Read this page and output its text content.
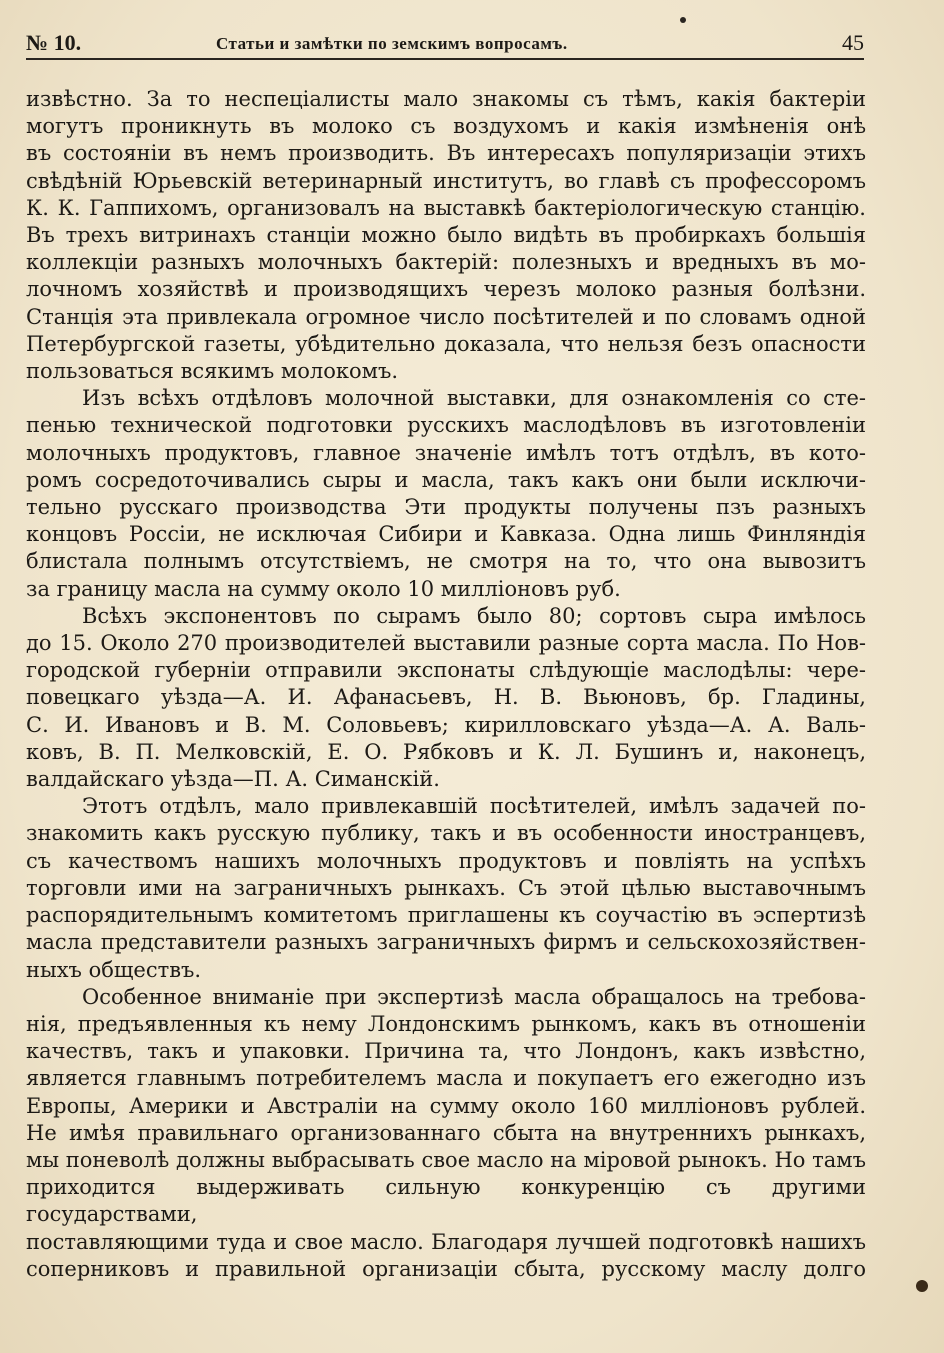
№ 10.	Статьи и замѣтки по земскимъ вопросамъ.	45

извѣстно. За то неспеціалисты мало знакомы съ тѣмъ, какія бактеріи

могутъ проникнуть въ молоко съ воздухомъ и какія измѣненія онѣ

въ состояніи въ немъ производить. Въ интересахъ популяризаціи этихъ

свѣдѣній Юрьевскій ветеринарный институтъ, во главѣ съ профессоромъ

К. К. Гаппихомъ, организовалъ на выставкѣ бактеріологическую станцію.

Въ трехъ витринахъ станціи можно было видѣть въ пробиркахъ большія

коллекціи разныхъ молочныхъ бактерій: полезныхъ и вредныхъ въ мо-

лочномъ хозяйствѣ и производящихъ черезъ молоко разныя болѣзни.

Станція эта привлекала огромное число посѣтителей и по словамъ одной

Петербургской газеты, убѣдительно доказала, что нельзя безъ опасности

пользоваться всякимъ молокомъ.

Изъ всѣхъ отдѣловъ молочной выставки, для ознакомленія со сте-

пенью технической подготовки русскихъ маслодѣловъ въ изготовленіи

молочныхъ продуктовъ, главное значеніе имѣлъ тотъ отдѣлъ, въ кото-

ромъ сосредоточивались сыры и масла, такъ какъ они были исключи-

тельно русскаго производства Эти продукты получены пзъ разныхъ

концовъ Россіи, не исключая Сибири и Кавказа. Одна лишь Финляндія

блистала полнымъ отсутствіемъ, не смотря на то, что она вывозитъ

за границу масла на сумму около 10 милліоновъ руб.

Всѣхъ экспонентовъ по сырамъ было 80; сортовъ сыра имѣлось

до 15. Около 270 производителей выставили разные сорта масла. По Нов-

городской губерніи отправили экспонаты слѣдующіе маслодѣлы: чере-

повецкаго уѣзда—А. И. Афанасьевъ, Н. В. Вьюновъ, бр. Гладины,

С. И. Ивановъ и В. М. Соловьевъ; кирилловскаго уѣзда—А. А. Валь-

ковъ, В. П. Мелковскій, Е. О. Рябковъ и К. Л. Бушинъ и, наконецъ,

валдайскаго уѣзда—П. А. Симанскій.

Этотъ отдѣлъ, мало привлекавшій посѣтителей, имѣлъ задачей по-

знакомить какъ русскую публику, такъ и въ особенности иностранцевъ,

съ качествомъ нашихъ молочныхъ продуктовъ и повліять на успѣхъ

торговли ими на заграничныхъ рынкахъ. Съ этой цѣлью выставочнымъ

распорядительнымъ комитетомъ приглашены къ соучастію въ эспертизѣ

масла представители разныхъ заграничныхъ фирмъ и сельскохозяйствен-

ныхъ обществъ.

Особенное вниманіе при экспертизѣ масла обращалось на требова-

нія, предъявленныя къ нему Лондонскимъ рынкомъ, какъ въ отношеніи

качествъ, такъ и упаковки. Причина та, что Лондонъ, какъ извѣстно,

является главнымъ потребителемъ масла и покупаетъ его ежегодно изъ

Европы, Америки и Австраліи на сумму около 160 милліоновъ рублей.

Не имѣя правильнаго организованнаго сбыта на внутреннихъ рынкахъ,

мы поневолѣ должны выбрасывать свое масло на міровой рынокъ. Но тамъ

приходится выдерживать сильную конкуренцію съ другими государствами,

поставляющими туда и свое масло. Благодаря лучшей подготовкѣ нашихъ

соперниковъ и правильной организаціи сбыта, русскому маслу долго
